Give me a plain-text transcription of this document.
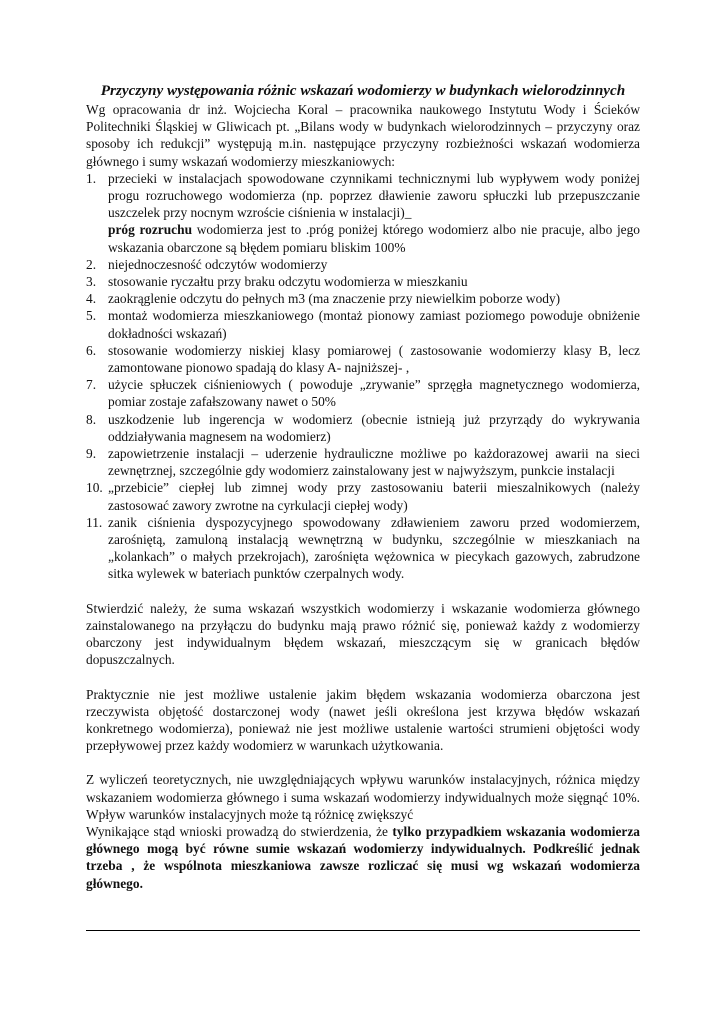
Przyczyny występowania różnic wskazań wodomierzy w budynkach wielorodzinnych

Wg opracowania dr inż. Wojciecha Koral – pracownika naukowego Instytutu Wody i Ścieków Politechniki Śląskiej w Gliwicach pt. „Bilans wody w budynkach wielorodzinnych – przyczyny oraz sposoby ich redukcji” występują m.in. następujące przyczyny rozbieżności wskazań wodomierza głównego i sumy wskazań wodomierzy mieszkaniowych:

1. przecieki w instalacjach spowodowane czynnikami technicznymi lub wypływem wody poniżej progu rozruchowego wodomierza (np. poprzez dławienie zaworu spłuczki lub przepuszczanie uszczelek przy nocnym wzroście ciśnienia w instalacji)_
próg rozruchu wodomierza jest to .próg poniżej którego wodomierz albo nie pracuje, albo jego wskazania obarczone są błędem pomiaru bliskim 100%
2. niejednoczesność odczytów wodomierzy
3. stosowanie ryczałtu przy braku odczytu wodomierza w mieszkaniu
4. zaokrąglenie odczytu do pełnych m3 (ma znaczenie przy niewielkim poborze wody)
5. montaż wodomierza mieszkaniowego (montaż pionowy zamiast poziomego powoduje obniżenie dokładności wskazań)
6. stosowanie wodomierzy niskiej klasy pomiarowej ( zastosowanie wodomierzy klasy B, lecz zamontowane pionowo spadają do klasy A- najniższej- ,
7. użycie spłuczek ciśnieniowych ( powoduje „zrywanie” sprzęgła magnetycznego wodomierza, pomiar zostaje zafałszowany nawet o 50%
8. uszkodzenie lub ingerencja w wodomierz (obecnie istnieją już przyrządy do wykrywania oddziaływania magnesem na wodomierz)
9. zapowietrzenie instalacji – uderzenie hydrauliczne możliwe po każdorazowej awarii na sieci zewnętrznej, szczególnie gdy wodomierz zainstalowany jest w najwyższym, punkcie instalacji
10. „przebicie” ciepłej lub zimnej wody przy zastosowaniu baterii mieszalnikowych (należy zastosować zawory zwrotne na cyrkulacji ciepłej wody)
11. zanik ciśnienia dyspozycyjnego spowodowany zdławieniem zaworu przed wodomierzem, zarośniętą, zamuloną instalacją wewnętrzną w budynku, szczególnie w mieszkaniach na „kolankach” o małych przekrojach), zarośnięta wężownica w piecykach gazowych, zabrudzone sitka wylewek w bateriach punktów czerpalnych wody.

Stwierdzić należy, że suma wskazań wszystkich wodomierzy i wskazanie wodomierza głównego zainstalowanego na przyłączu do budynku mają prawo różnić się, ponieważ każdy z wodomierzy obarczony jest indywidualnym błędem wskazań, mieszczącym się w granicach błędów dopuszczalnych.

Praktycznie nie jest możliwe ustalenie jakim błędem wskazania wodomierza obarczona jest rzeczywista objętość dostarczonej wody (nawet jeśli określona jest krzywa błędów wskazań konkretnego wodomierza), ponieważ nie jest możliwe ustalenie wartości strumieni objętości wody przepływowej przez każdy wodomierz w warunkach użytkowania.

Z wyliczeń teoretycznych, nie uwzględniających wpływu warunków instalacyjnych, różnica między wskazaniem wodomierza głównego i suma wskazań wodomierzy indywidualnych może sięgnąć 10%. Wpływ warunków instalacyjnych może tą różnicę zwiększyć

Wynikające stąd wnioski prowadzą do stwierdzenia, że tylko przypadkiem wskazania wodomierza głównego mogą być równe sumie wskazań wodomierzy indywidualnych. Podkreślić jednak trzeba , że wspólnota mieszkaniowa zawsze rozliczać się musi wg wskazań wodomierza głównego.
